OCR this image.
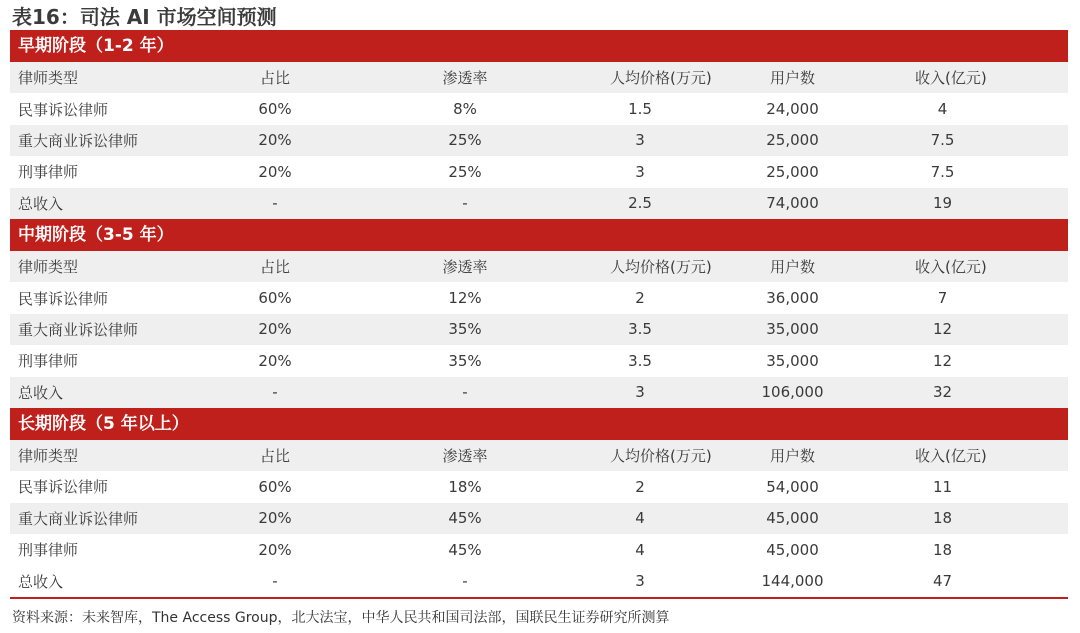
表16：司法 AI 市场空间预测
早期阶段（1-2 年）
律师类型	占比	渗透率	人均价格(万元)	用户数	收入(亿元)
民事诉讼律师	60%	8%	1.5	24,000	4
重大商业诉讼律师	20%	25%	3	25,000	7.5
刑事律师	20%	25%	3	25,000	7.5
总收入	-	-	2.5	74,000	19
中期阶段（3-5 年）
律师类型	占比	渗透率	人均价格(万元)	用户数	收入(亿元)
民事诉讼律师	60%	12%	2	36,000	7
重大商业诉讼律师	20%	35%	3.5	35,000	12
刑事律师	20%	35%	3.5	35,000	12
总收入	-	-	3	106,000	32
长期阶段（5 年以上）
律师类型	占比	渗透率	人均价格(万元)	用户数	收入(亿元)
民事诉讼律师	60%	18%	2	54,000	11
重大商业诉讼律师	20%	45%	4	45,000	18
刑事律师	20%	45%	4	45,000	18
总收入	-	-	3	144,000	47
资料来源：未来智库，The Access Group，北大法宝，中华人民共和国司法部，国联民生证券研究所测算
